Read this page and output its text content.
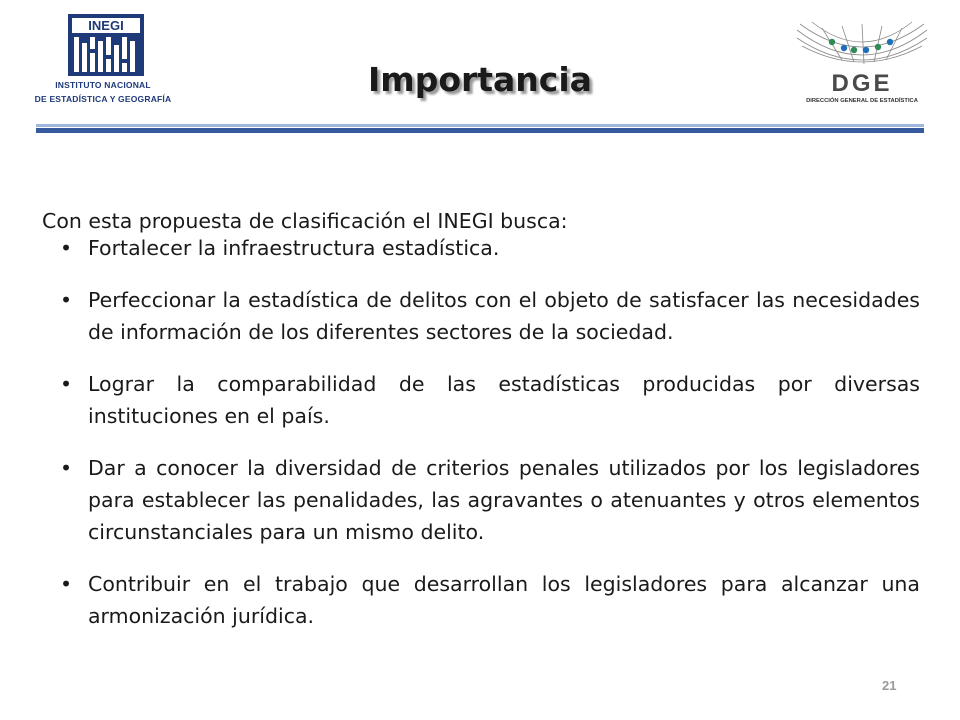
INEGI
INSTITUTO NACIONAL
DE ESTADÍSTICA Y GEOGRAFÍA	Importancia	DGE
DIRECCIÓN GENERAL DE ESTADÍSTICA

Con esta propuesta de clasificación el INEGI busca:

• Fortalecer la infraestructura estadística.
• Perfeccionar la estadística de delitos con el objeto de satisfacer las necesidades de información de los diferentes sectores de la sociedad.
• Lograr la comparabilidad de las estadísticas producidas por diversas instituciones en el país.
• Dar a conocer la diversidad de criterios penales utilizados por los legisladores para establecer las penalidades, las agravantes o atenuantes y otros elementos circunstanciales para un mismo delito.
• Contribuir en el trabajo que desarrollan los legisladores para alcanzar una armonización jurídica.
21
